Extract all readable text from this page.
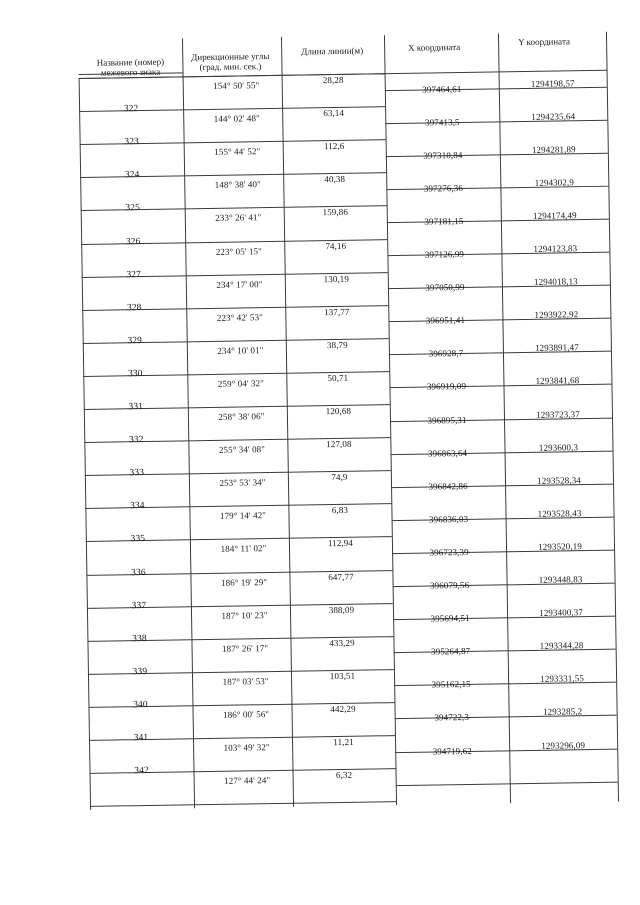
Название (номер)
межевого знака
Дирекционные углы
(град. мин. сек.)
Длина линии(м)	X координата
Y координата
397464,61
1294198,57
322
397413,5
1294235,64
323
397310,84
1294281,89
324
397276,36
1294302,9
325
397181,15
1294174,49
326
397126,99
1294123,83
327
397050,99
1294018,13
328
396951,41
1293922,92
329
396928,7
1293891,47
330
396919,09
1293841,68
331
396895,31
1293723,37
332
396863,64
1293600,3
333
396842,86
1293528,34
334
396836,03
1293528,43
335
396723,39
1293520,19
336
396079,56
1293448,83
337
395694,51
1293400,37
338
395264,87
1293344,28
339
395162,15
1293331,55
340
394722,3
1293285,2
341
394719,62
1293296,09
342
154° 50' 55"
28,28
144° 02' 48"
63,14
155° 44' 52"
112,6
148° 38' 40"
40,38
233° 26' 41"
159,86
223° 05' 15"
74,16
234° 17' 00"
130,19
223° 42' 53"
137,77
234° 10' 01"
38,79
259° 04' 32"
50,71
258° 38' 06"
120,68
255° 34' 08"
127,08
253° 53' 34"
74,9
179° 14' 42"
6,83
184° 11' 02"
112,94
186° 19' 29"
647,77
187° 10' 23"
388,09
187° 26' 17"
433,29
187° 03' 53"
103,51
186° 00' 56"
442,29
103° 49' 32"
11,21
127° 44' 24"
6,32
